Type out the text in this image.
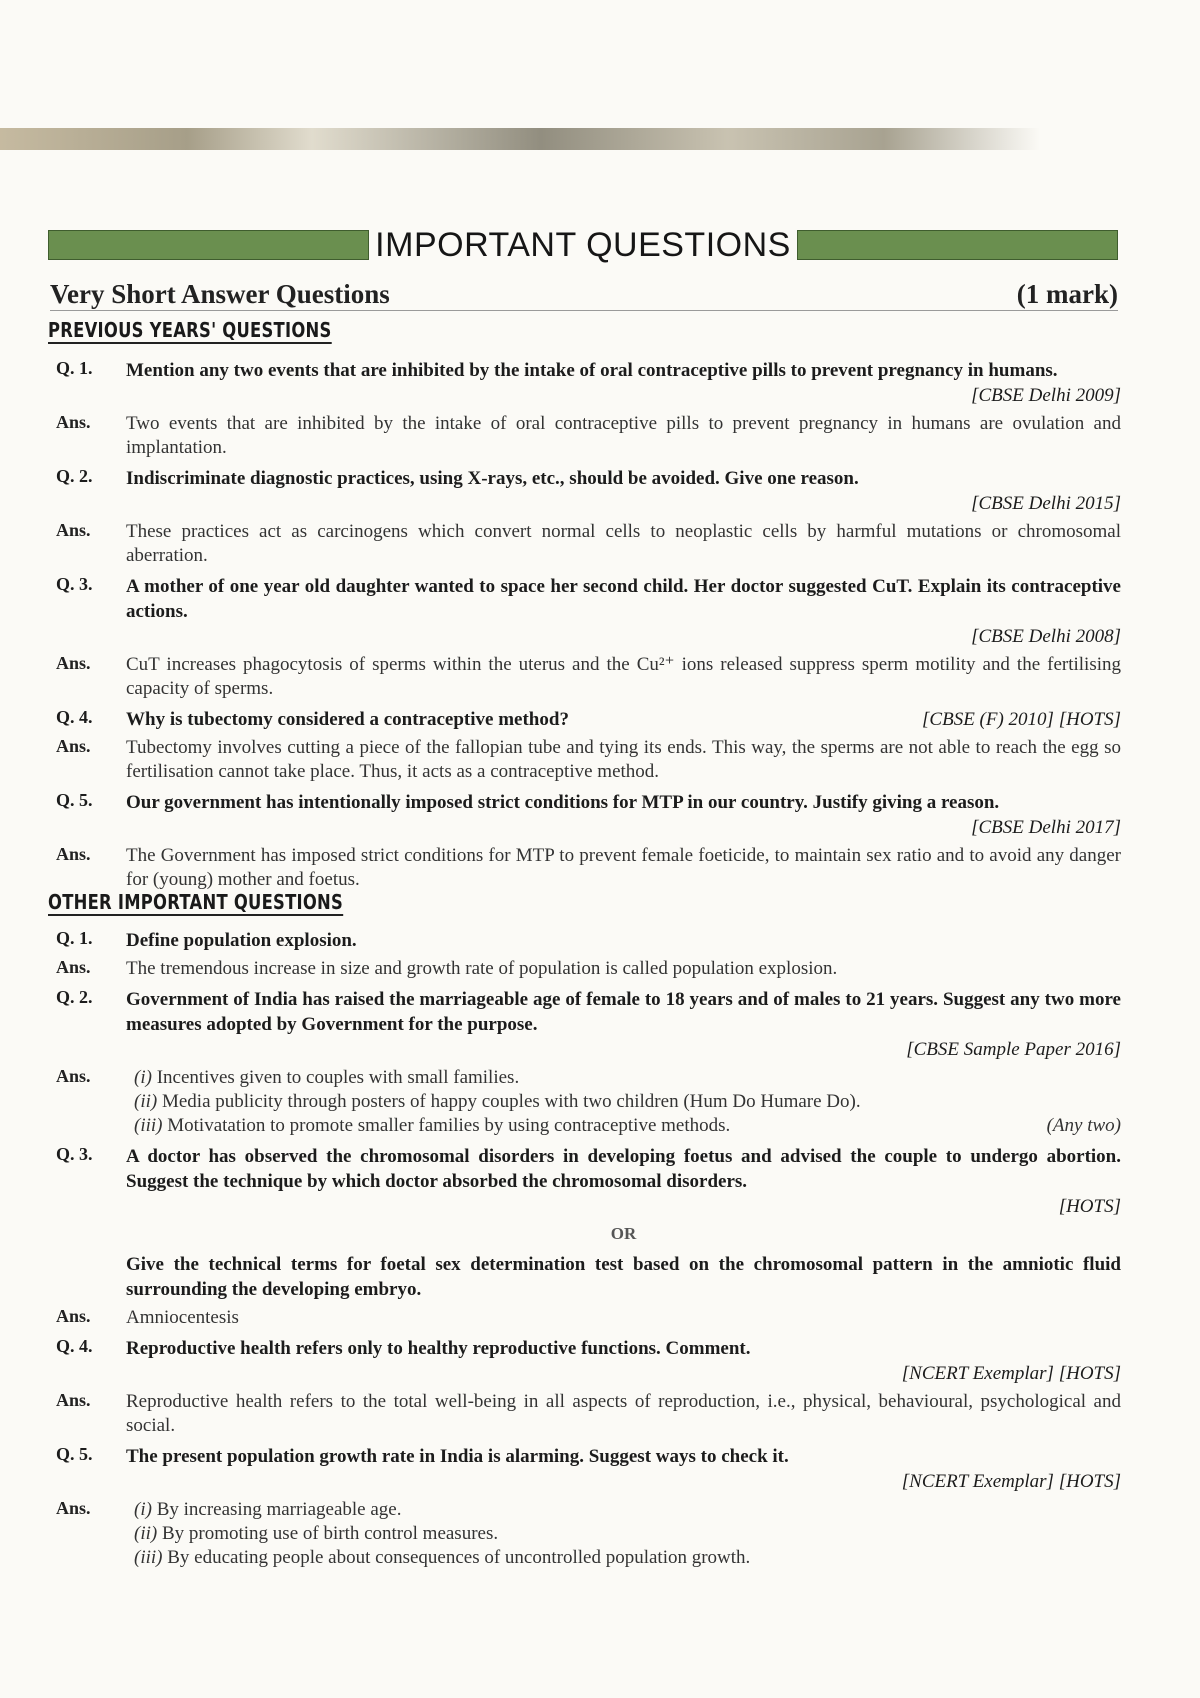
IMPORTANT QUESTIONS
Very Short Answer Questions	(1 mark)
PREVIOUS YEARS' QUESTIONS
Q. 1.	Mention any two events that are inhibited by the intake of oral contraceptive pills to prevent pregnancy in humans.
[CBSE Delhi 2009]
Ans.	Two events that are inhibited by the intake of oral contraceptive pills to prevent pregnancy in humans are ovulation and implantation.
Q. 2.	Indiscriminate diagnostic practices, using X-rays, etc., should be avoided. Give one reason.
[CBSE Delhi 2015]
Ans.	These practices act as carcinogens which convert normal cells to neoplastic cells by harmful mutations or chromosomal aberration.
Q. 3.	A mother of one year old daughter wanted to space her second child. Her doctor suggested CuT. Explain its contraceptive actions.
[CBSE Delhi 2008]
Ans.	CuT increases phagocytosis of sperms within the uterus and the Cu²⁺ ions released suppress sperm motility and the fertilising capacity of sperms.
Q. 4.	Why is tubectomy considered a contraceptive method?	[CBSE (F) 2010] [HOTS]
Ans.	Tubectomy involves cutting a piece of the fallopian tube and tying its ends. This way, the sperms are not able to reach the egg so fertilisation cannot take place. Thus, it acts as a contraceptive method.
Q. 5.	Our government has intentionally imposed strict conditions for MTP in our country. Justify giving a reason.
[CBSE Delhi 2017]
Ans.	The Government has imposed strict conditions for MTP to prevent female foeticide, to maintain sex ratio and to avoid any danger for (young) mother and foetus.
OTHER IMPORTANT QUESTIONS
Q. 1.	Define population explosion.
Ans.	The tremendous increase in size and growth rate of population is called population explosion.
Q. 2.	Government of India has raised the marriageable age of female to 18 years and of males to 21 years. Suggest any two more measures adopted by Government for the purpose.
[CBSE Sample Paper 2016]
Ans.	(i) Incentives given to couples with small families.
(ii) Media publicity through posters of happy couples with two children (Hum Do Humare Do).
(iii) Motivatation to promote smaller families by using contraceptive methods.	(Any two)
Q. 3.	A doctor has observed the chromosomal disorders in developing foetus and advised the couple to undergo abortion. Suggest the technique by which doctor absorbed the chromosomal disorders.
[HOTS]
OR
Give the technical terms for foetal sex determination test based on the chromosomal pattern in the amniotic fluid surrounding the developing embryo.
Ans.	Amniocentesis
Q. 4.	Reproductive health refers only to healthy reproductive functions. Comment.
[NCERT Exemplar] [HOTS]
Ans.	Reproductive health refers to the total well-being in all aspects of reproduction, i.e., physical, behavioural, psychological and social.
Q. 5.	The present population growth rate in India is alarming. Suggest ways to check it.
[NCERT Exemplar] [HOTS]
Ans.	(i) By increasing marriageable age.
(ii) By promoting use of birth control measures.
(iii) By educating people about consequences of uncontrolled population growth.
